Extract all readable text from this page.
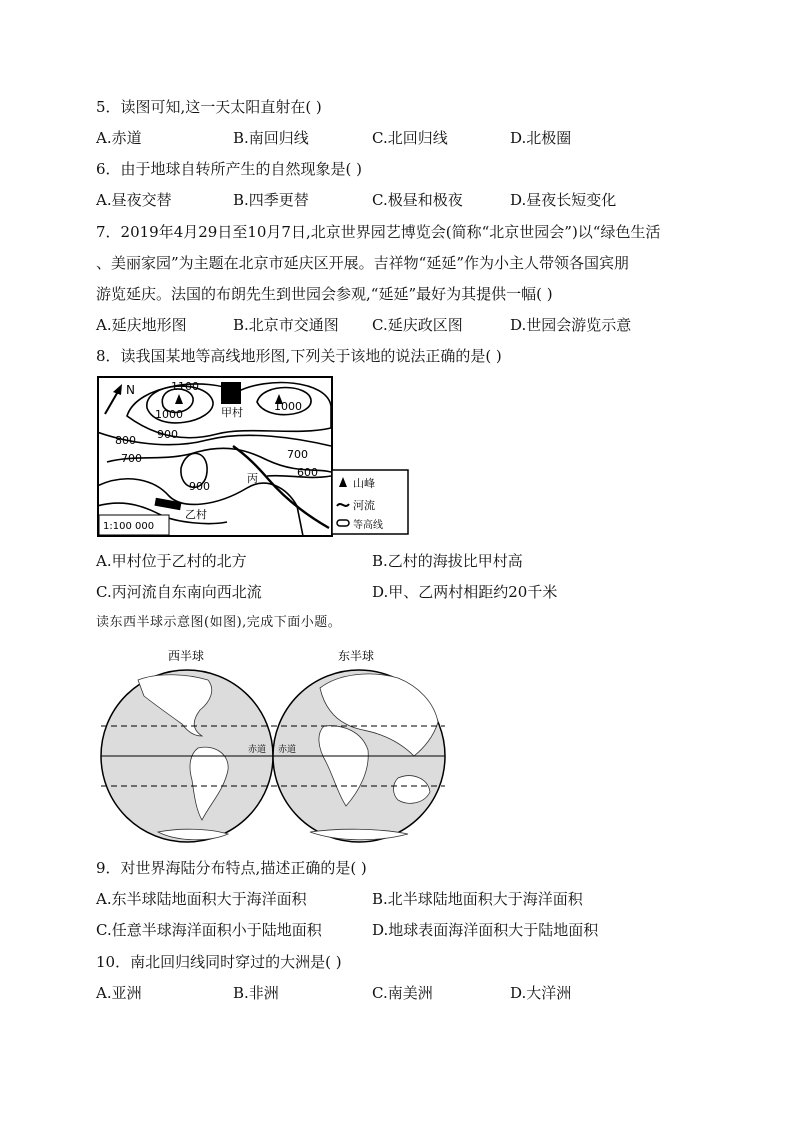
5．读图可知,这一天太阳直射在( )
A.赤道	B.南回归线	C.北回归线	D.北极圈
6．由于地球自转所产生的自然现象是( )
A.昼夜交替	B.四季更替	C.极昼和极夜	D.昼夜长短变化
7．2019年4月29日至10月7日,北京世界园艺博览会(简称“北京世园会”)以“绿色生活
、美丽家园”为主题在北京市延庆区开展。吉祥物“延延”作为小主人带领各国宾朋
游览延庆。法国的布朗先生到世园会参观,“延延”最好为其提供一幅( )
A.延庆地形图	B.北京市交通图 C.延庆政区图	D.世园会游览示意
8．读我国某地等高线地形图,下列关于该地的说法正确的是( )
N	1100
1000
1000
900
800
700
900
700
600
甲村
乙村
丙
1:100 000
山峰
河流
等高线
A.甲村位于乙村的北方	B.乙村的海拔比甲村高
C.丙河流自东南向西北流	D.甲、乙两村相距约20千米
读东西半球示意图(如图),完成下面小题。
西半球	东半球
赤道 赤道
9．对世界海陆分布特点,描述正确的是( )
A.东半球陆地面积大于海洋面积	B.北半球陆地面积大于海洋面积
C.任意半球海洋面积小于陆地面积	D.地球表面海洋面积大于陆地面积
10．南北回归线同时穿过的大洲是( )
A.亚洲	B.非洲	C.南美洲	D.大洋洲
